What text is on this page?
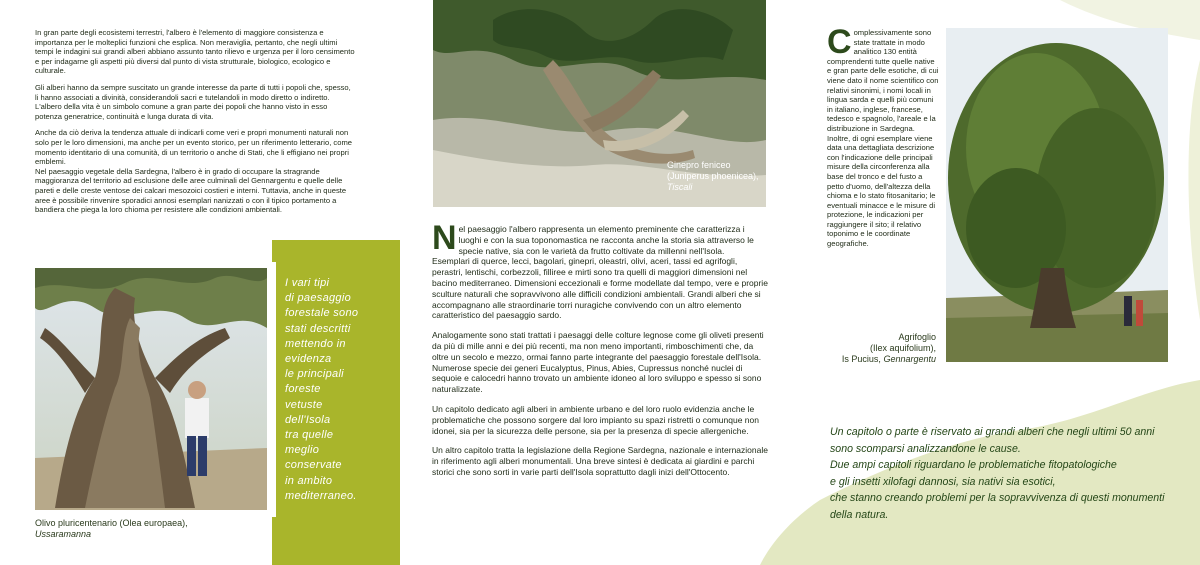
In gran parte degli ecosistemi terrestri, l'albero è l'elemento di maggiore consistenza e importanza per le molteplici funzioni che esplica. Non meraviglia, pertanto, che negli ultimi tempi le indagini sui grandi alberi abbiano assunto tanto rilievo e urgenza per il loro censimento e per indagarne gli aspetti più diversi dal punto di vista strutturale, biologico, ecologico e culturale.

Gli alberi hanno da sempre suscitato un grande interesse da parte di tutti i popoli che, spesso, li hanno associati a divinità, considerandoli sacri e tutelandoli in modo diretto o indiretto. L'albero della vita è un simbolo comune a gran parte dei popoli che hanno visto in esso potenza generatrice, continuità e lunga durata di vita.

Anche da ciò deriva la tendenza attuale di indicarli come veri e propri monumenti naturali non solo per le loro dimensioni, ma anche per un evento storico, per un riferimento letterario, come momento identitario di una comunità, di un territorio o anche di Stati, che li effigiano nei propri emblemi.

Nel paesaggio vegetale della Sardegna, l'albero è in grado di occupare la stragrande maggioranza del territorio ad esclusione delle aree culminali del Gennargentu e quelle delle pareti e delle creste ventose dei calcari mesozoici costieri e interni. Tuttavia, anche in queste aree è possibile rinvenire sporadici annosi esemplari nanizzati o con il tipico portamento a bandiera che piega la loro chioma per resistere alle condizioni ambientali.

Olivo pluricentenario (Olea europaea),
Ussaramanna
I vari tipi
di paesaggio
forestale sono
stati descritti
mettendo in
evidenza
le principali
foreste
vetuste
dell'Isola
tra quelle
meglio
conservate
in ambito
mediterraneo.
Ginepro feniceo
(Juniperus phoenicea),
Tiscali

Nel paesaggio l'albero rappresenta un elemento preminente che caratterizza i luoghi e con la sua toponomastica ne racconta anche la storia sia attraverso le specie native, sia con le varietà da frutto coltivate da millenni nell'Isola.

Esemplari di querce, lecci, bagolari, ginepri, oleastri, olivi, aceri, tassi ed agrifogli, perastri, lentischi, corbezzoli, filliree e mirti sono tra quelli di maggiori dimensioni nel bacino mediterraneo. Dimensioni eccezionali e forme modellate dal tempo, vere e proprie sculture naturali che sopravvivono alle difficili condizioni ambientali. Grandi alberi che si accompagnano alle straordinarie torri nuragiche convivendo con un altro elemento caratteristico del paesaggio sardo.

Analogamente sono stati trattati i paesaggi delle colture legnose come gli oliveti presenti da più di mille anni e dei più recenti, ma non meno importanti, rimboschimenti che, da oltre un secolo e mezzo, ormai fanno parte integrante del paesaggio forestale dell'Isola. Numerose specie dei generi Eucalyptus, Pinus, Abies, Cupressus nonché nuclei di sequoie e calocedri hanno trovato un ambiente idoneo al loro sviluppo e spesso si sono naturalizzate.

Un capitolo dedicato agli alberi in ambiente urbano e del loro ruolo evidenzia anche le problematiche che possono sorgere dal loro impianto su spazi ristretti o comunque non idonei, sia per la sicurezza delle persone, sia per la presenza di specie allergeniche.

Un altro capitolo tratta la legislazione della Regione Sardegna, nazionale e internazionale in riferimento agli alberi monumentali. Una breve sintesi è dedicata ai giardini e parchi storici che sono sorti in varie parti dell'Isola soprattutto dagli inizi dell'Ottocento.

Complessivamente sono state trattate in modo analitico 130 entità comprendenti tutte quelle native e gran parte delle esotiche, di cui viene dato il nome scientifico con relativi sinonimi, i nomi locali in lingua sarda e quelli più comuni in italiano, inglese, francese, tedesco e spagnolo, l'areale e la distribuzione in Sardegna. Inoltre, di ogni esemplare viene data una dettagliata descrizione con l'indicazione delle principali misure della circonferenza alla base del tronco e del fusto a petto d'uomo, dell'altezza della chioma e lo stato fitosanitario; le eventuali minacce e le misure di protezione, le indicazioni per raggiungere il sito; il relativo toponimo e le coordinate geografiche.

Agrifoglio
(Ilex aquifolium),
Is Pucius, Gennargentu
Un capitolo o parte è riservato ai grandi alberi che negli ultimi 50 anni
sono scomparsi analizzandone le cause.
Due ampi capitoli riguardano le problematiche fitopatologiche
e gli insetti xilofagi dannosi, sia nativi sia esotici,
che stanno creando problemi per la sopravvivenza di questi monumenti
della natura.
